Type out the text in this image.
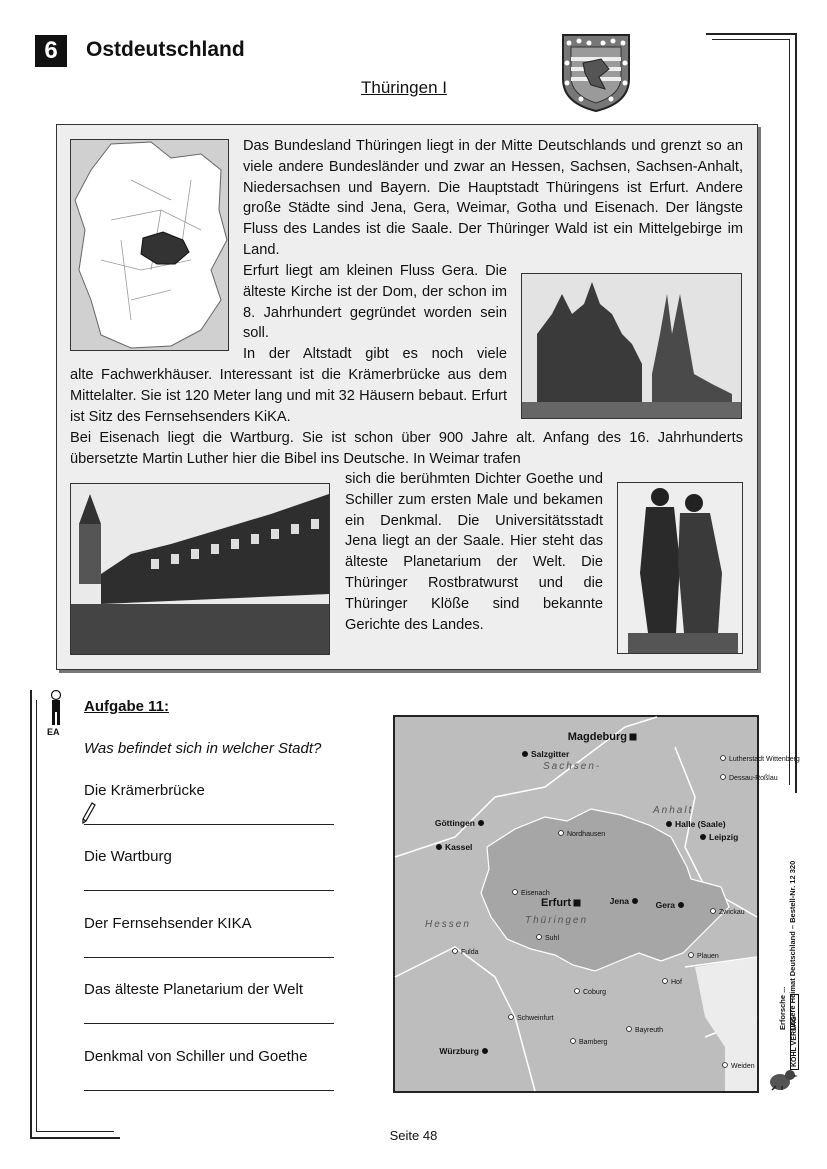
6	Ostdeutschland
Thüringen I
Das Bundesland Thüringen liegt in der Mitte Deutschlands und grenzt so an viele andere Bundesländer und zwar an Hessen, Sachsen, Sachsen-Anhalt, Niedersachsen und Bayern. Die Hauptstadt Thüringens ist Erfurt. Andere große Städte sind Jena, Gera, Weimar, Gotha und Eisenach. Der längste Fluss des Landes ist die Saale. Der Thüringer Wald ist ein Mittelgebirge im Land.
Erfurt liegt am kleinen Fluss Gera. Die älteste Kirche ist der Dom, der schon im 8. Jahrhundert gegründet worden sein soll.
In der Altstadt gibt es noch viele
alte Fachwerkhäuser. Interessant ist die Krämerbrücke aus dem Mittelalter. Sie ist 120 Meter lang und mit 32 Häusern bebaut. Erfurt ist Sitz des Fernsehsenders KiKA.
Bei Eisenach liegt die Wartburg. Sie ist schon über 900 Jahre alt. Anfang des 16. Jahrhunderts übersetzte Martin Luther hier die Bibel ins Deutsche. In Weimar trafen
sich die berühmten Dichter Goethe und Schiller zum ersten Male und bekamen ein Denkmal. Die Universitätsstadt Jena liegt an der Saale. Hier steht das älteste Planetarium der Welt. Die Thüringer Rostbratwurst und die Thüringer Klöße sind bekannte Gerichte des Landes.
EA
Aufgabe 11:
Was befindet sich in welcher Stadt?
Die Krämerbrücke
Die Wartburg
Der Fernsehsender KIKA
Das älteste Planetarium der Welt
Denkmal von Schiller und Goethe
Sachsen-
Anhalt
Hessen	Thüringen
Magdeburg
Salzgitter
Lutherstadt Wittenberg
Dessau-Roßlau
Göttingen
Kassel
Nordhausen
Halle (Saale)
Leipzig
Eisenach
Erfurt	Jena	Gera
Zwickau
Suhl
Fulda
Plauen
Hof
Coburg
Schweinfurt
Bayreuth
Würzburg
Bamberg
Weiden
Erforsche ... unsere Heimat Deutschland – Bestell-Nr. 12 320
KOHL VERLAG
Seite 48
